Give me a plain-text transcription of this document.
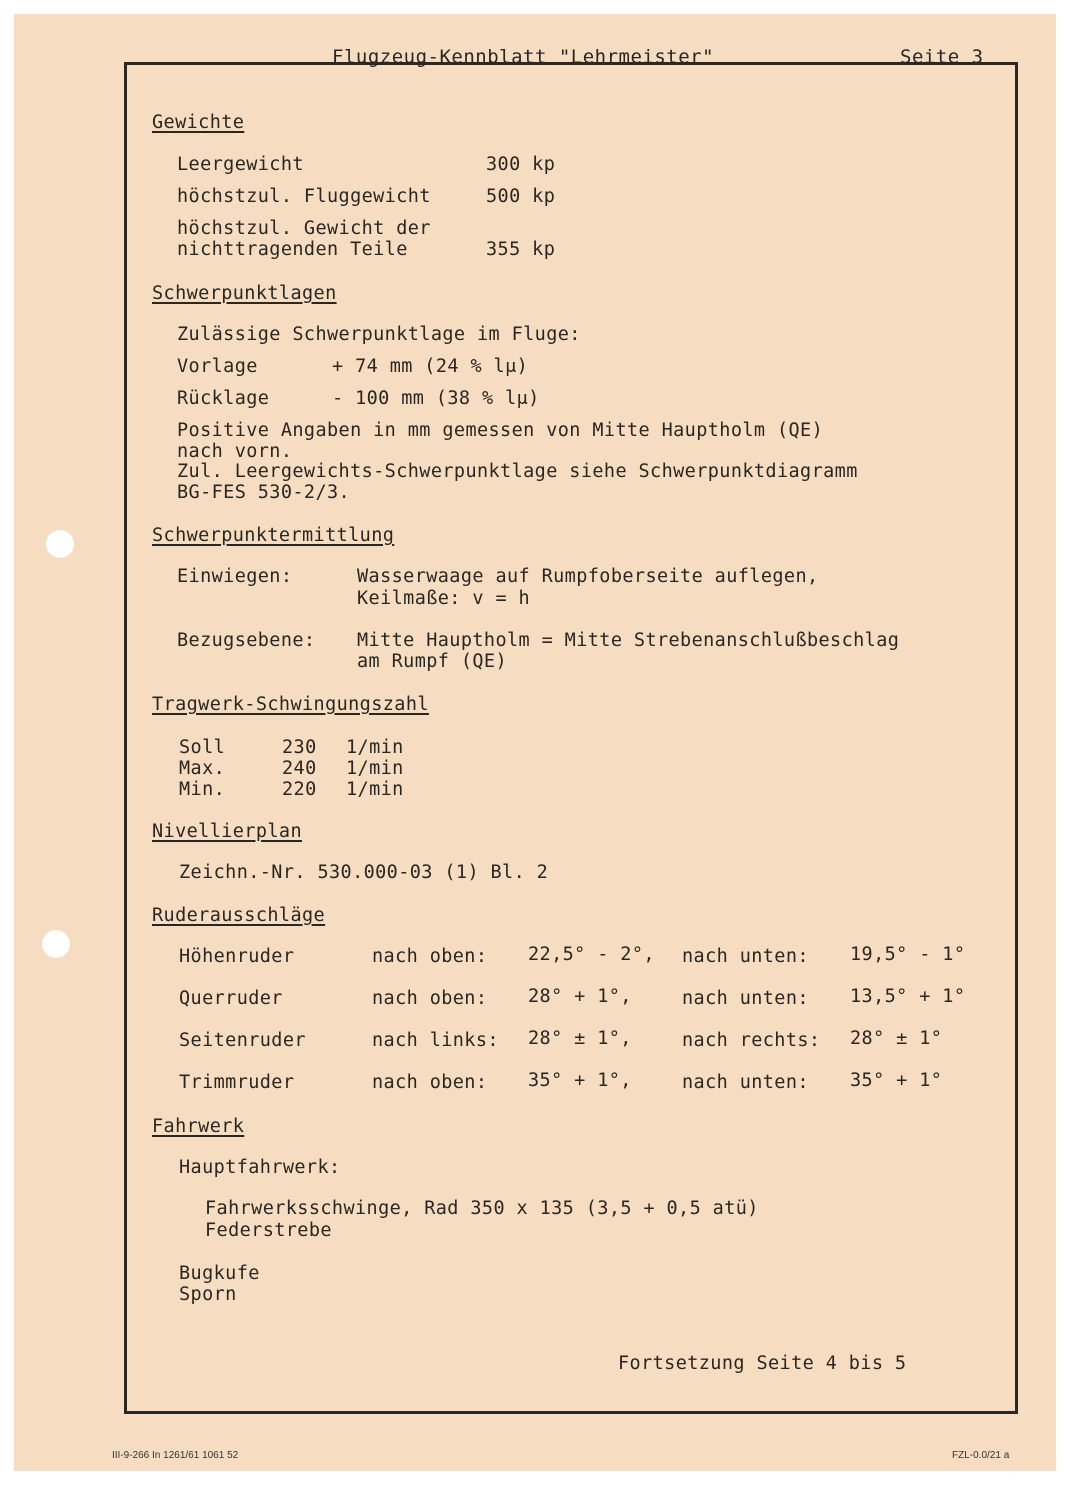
Flugzeug-Kennblatt "Lehrmeister"	Seite 3
Gewichte
Leergewicht	300 kp
höchstzul. Fluggewicht	500 kp
höchstzul. Gewicht der
nichttragenden Teile	355 kp
Schwerpunktlagen
Zulässige Schwerpunktlage im Fluge:
Vorlage	+ 74 mm (24 % lμ)
Rücklage	- 100 mm (38 % lμ)
Positive Angaben in mm gemessen von Mitte Hauptholm (QE)
nach vorn.
Zul. Leergewichts-Schwerpunktlage siehe Schwerpunktdiagramm
BG-FES 530-2/3.
Schwerpunktermittlung
Einwiegen:	Wasserwaage auf Rumpfoberseite auflegen,
Keilmaße: v = h
Bezugsebene: Mitte Hauptholm = Mitte Strebenanschlußbeschlag
am Rumpf (QE)
Tragwerk-Schwingungszahl
Soll	230 1/min
Max.	240 1/min
Min.	220 1/min
Nivellierplan
Zeichn.-Nr. 530.000-03 (1) Bl. 2
Ruderausschläge
Höhenruder	nach oben: 22,5° - 2°, nach unten: 19,5° - 1°
Querruder	nach oben: 28° + 1°,	nach unten: 13,5° + 1°
Seitenruder	nach links: 28° ± 1°,	nach rechts: 28° ± 1°
Trimmruder	nach oben: 35° + 1°,	nach unten: 35° + 1°
Fahrwerk
Hauptfahrwerk:
Fahrwerksschwinge, Rad 350 x 135 (3,5 + 0,5 atü)
Federstrebe
Bugkufe
Sporn
Fortsetzung Seite 4 bis 5
III-9-266 In 1261/61 1061 52	FZL-0.0/21 a
